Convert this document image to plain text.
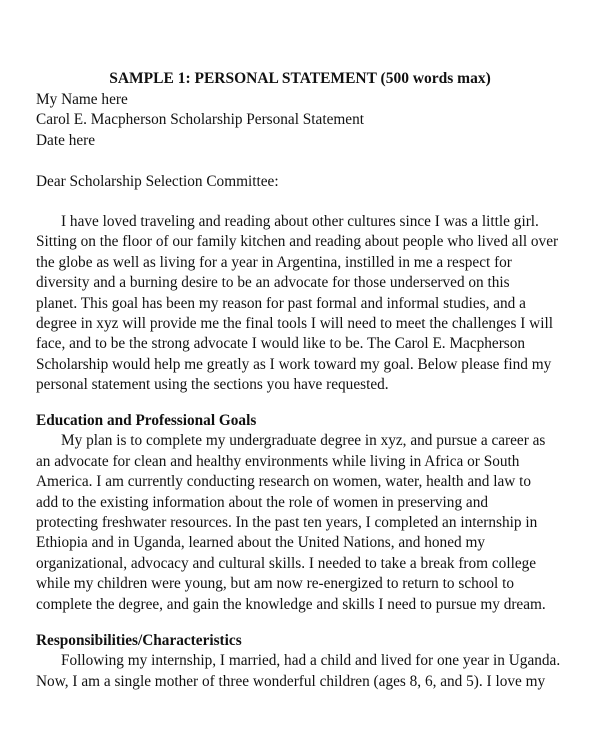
SAMPLE 1: PERSONAL STATEMENT (500 words max)
My Name here
Carol E. Macpherson Scholarship Personal Statement
Date here
Dear Scholarship Selection Committee:
I have loved traveling and reading about other cultures since I was a little girl.
Sitting on the floor of our family kitchen and reading about people who lived all over
the globe as well as living for a year in Argentina, instilled in me a respect for
diversity and a burning desire to be an advocate for those underserved on this
planet. This goal has been my reason for past formal and informal studies, and a
degree in xyz will provide me the final tools I will need to meet the challenges I will
face, and to be the strong advocate I would like to be. The Carol E. Macpherson
Scholarship would help me greatly as I work toward my goal. Below please find my
personal statement using the sections you have requested.
Education and Professional Goals
My plan is to complete my undergraduate degree in xyz, and pursue a career as
an advocate for clean and healthy environments while living in Africa or South
America. I am currently conducting research on women, water, health and law to
add to the existing information about the role of women in preserving and
protecting freshwater resources. In the past ten years, I completed an internship in
Ethiopia and in Uganda, learned about the United Nations, and honed my
organizational, advocacy and cultural skills. I needed to take a break from college
while my children were young, but am now re-energized to return to school to
complete the degree, and gain the knowledge and skills I need to pursue my dream.
Responsibilities/Characteristics
Following my internship, I married, had a child and lived for one year in Uganda.
Now, I am a single mother of three wonderful children (ages 8, 6, and 5). I love my
